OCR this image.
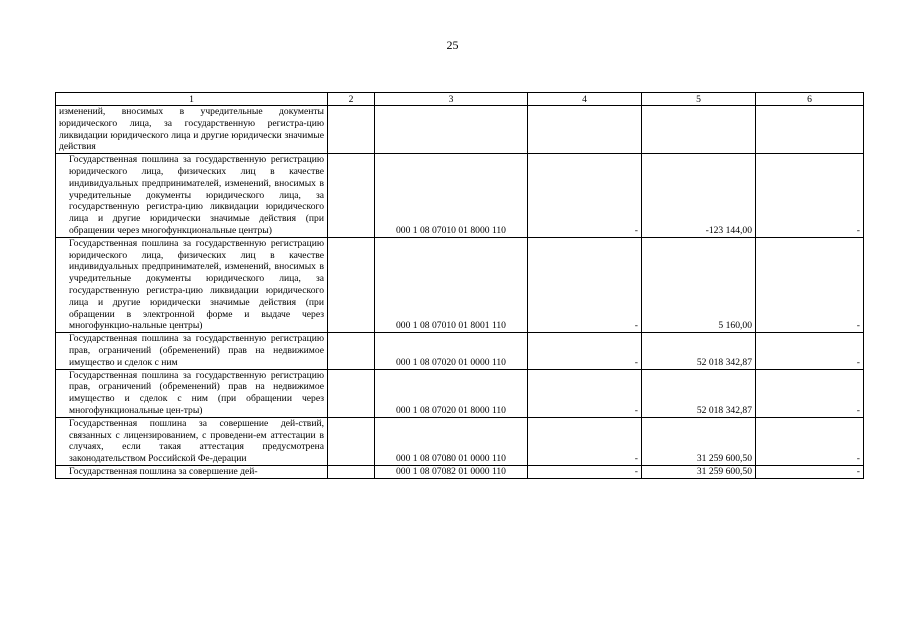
25
1	2	3	4	5	6
изменений, вносимых в учредительные документы юридического лица, за государственную регистра-цию ликвидации юридического лица и другие юридически значимые действия					

Государственная пошлина за государственную регистрацию юридического лица, физических лиц в качестве индивидуальных предпринимателей, изменений, вносимых в учредительные документы юридического лица, за государственную регистра-цию ликвидации юридического лица и другие юридически значимые действия (при обращении через многофункциональные центры)		000 1 08 07010 01 8000 110	-	-123 144,00	-

Государственная пошлина за государственную регистрацию юридического лица, физических лиц в качестве индивидуальных предпринимателей, изменений, вносимых в учредительные документы юридического лица, за государственную регистра-цию ликвидации юридического лица и другие юридически значимые действия (при обращении в электронной форме и выдаче через многофункцио-нальные центры)		000 1 08 07010 01 8001 110	-	5 160,00	-

Государственная пошлина за государственную регистрацию прав, ограничений (обременений) прав на недвижимое имущество и сделок с ним		000 1 08 07020 01 0000 110	-	52 018 342,87	-

Государственная пошлина за государственную регистрацию прав, ограничений (обременений) прав на недвижимое имущество и сделок с ним (при обращении через многофункциональные цен-тры)		000 1 08 07020 01 8000 110	-	52 018 342,87	-

Государственная пошлина за совершение дей-ствий, связанных с лицензированием, с проведени-ем аттестации в случаях, если такая аттестация предусмотрена законодательством Российской Фе-дерации		000 1 08 07080 01 0000 110	-	31 259 600,50	-

Государственная пошлина за совершение дей-		000 1 08 07082 01 0000 110	-	31 259 600,50	-
